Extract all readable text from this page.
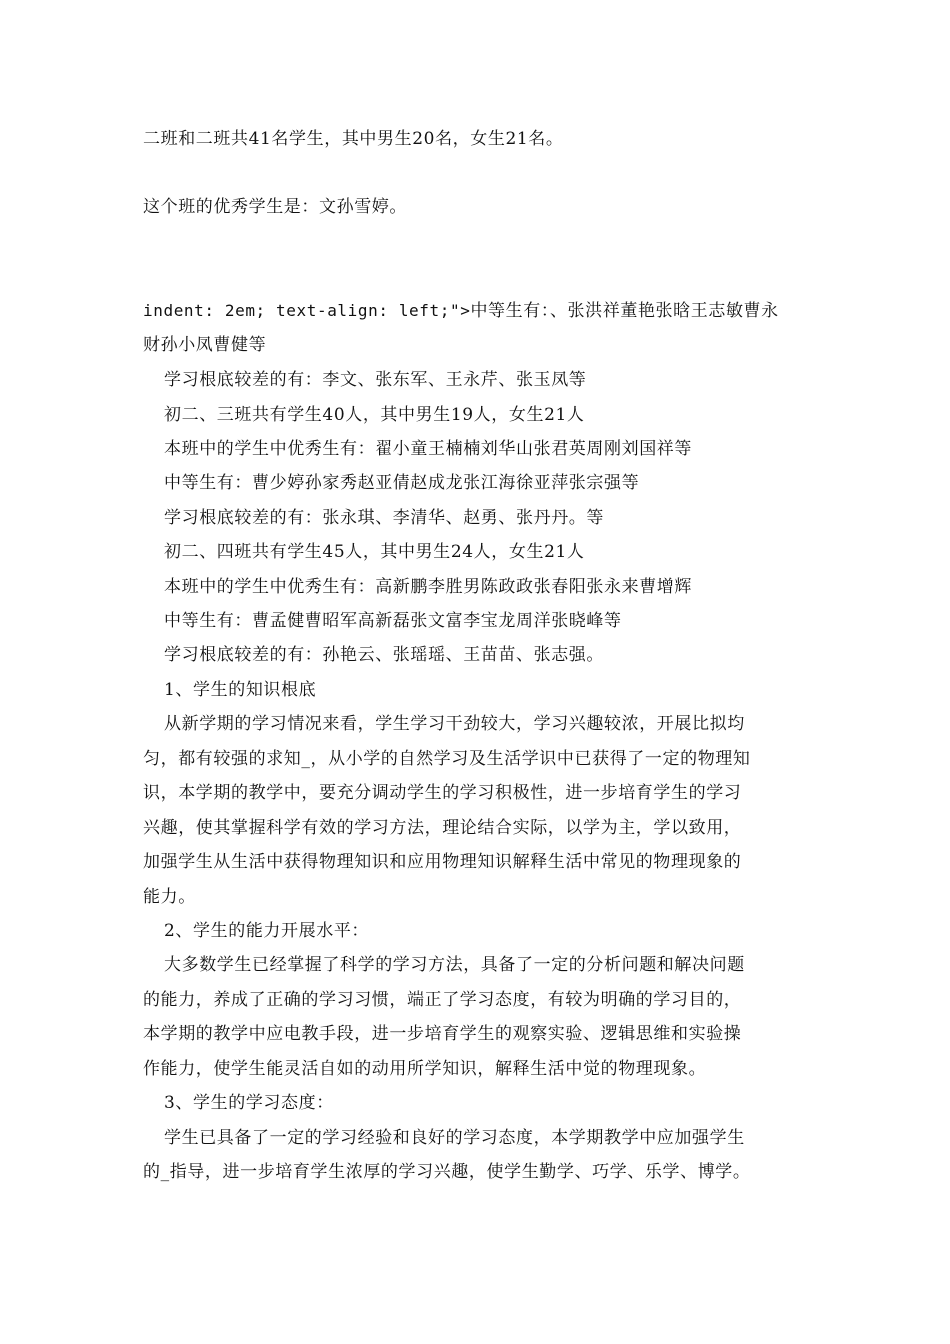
二班和二班共41名学生，其中男生20名，女生21名。
这个班的优秀学生是：文孙雪婷。
indent: 2em; text-align: left;">中等生有：、张洪祥董艳张晗王志敏曹永
财孙小凤曹健等
学习根底较差的有：李文、张东军、王永芹、张玉凤等
初二、三班共有学生40人，其中男生19人，女生21人
本班中的学生中优秀生有：翟小童王楠楠刘华山张君英周刚刘国祥等
中等生有：曹少婷孙家秀赵亚倩赵成龙张江海徐亚萍张宗强等
学习根底较差的有：张永琪、李清华、赵勇、张丹丹。等
初二、四班共有学生45人，其中男生24人，女生21人
本班中的学生中优秀生有：高新鹏李胜男陈政政张春阳张永来曹增辉
中等生有：曹孟健曹昭军高新磊张文富李宝龙周洋张晓峰等
学习根底较差的有：孙艳云、张瑶瑶、王苗苗、张志强。
1、学生的知识根底
从新学期的学习情况来看，学生学习干劲较大，学习兴趣较浓，开展比拟均
匀，都有较强的求知_，从小学的自然学习及生活学识中已获得了一定的物理知
识，本学期的教学中，要充分调动学生的学习积极性，进一步培育学生的学习
兴趣，使其掌握科学有效的学习方法，理论结合实际，以学为主，学以致用，
加强学生从生活中获得物理知识和应用物理知识解释生活中常见的物理现象的
能力。
2、学生的能力开展水平：
大多数学生已经掌握了科学的学习方法，具备了一定的分析问题和解决问题
的能力，养成了正确的学习习惯，端正了学习态度，有较为明确的学习目的，
本学期的教学中应电教手段，进一步培育学生的观察实验、逻辑思维和实验操
作能力，使学生能灵活自如的动用所学知识，解释生活中觉的物理现象。
3、学生的学习态度：
学生已具备了一定的学习经验和良好的学习态度，本学期教学中应加强学生
的_指导，进一步培育学生浓厚的学习兴趣，使学生勤学、巧学、乐学、博学。
